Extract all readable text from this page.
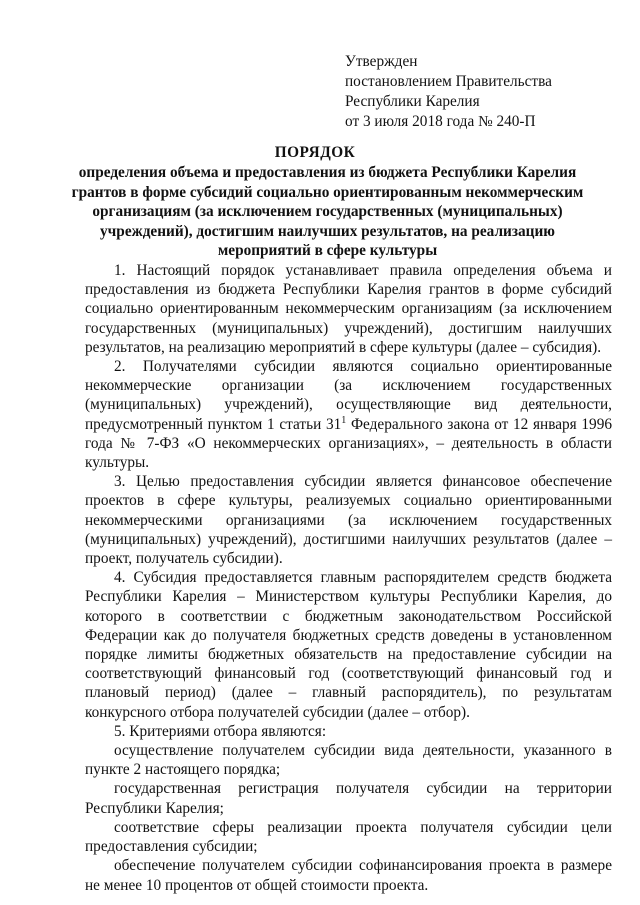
Утвержден
постановлением Правительства
Республики Карелия
от 3 июля 2018 года № 240-П
ПОРЯДОК
определения объема и предоставления из бюджета Республики Карелия грантов в форме субсидий социально ориентированным некоммерческим организациям (за исключением государственных (муниципальных) учреждений), достигшим наилучших результатов, на реализацию мероприятий в сфере культуры

1. Настоящий порядок устанавливает правила определения объема и предоставления из бюджета Республики Карелия грантов в форме субсидий социально ориентированным некоммерческим организациям (за исключением государственных (муниципальных) учреждений), достигшим наилучших результатов, на реализацию мероприятий в сфере культуры (далее – субсидия).

2. Получателями субсидии являются социально ориентированные некоммерческие организации (за исключением государственных (муниципальных) учреждений), осуществляющие вид деятельности, предусмотренный пунктом 1 статьи $31^1$ Федерального закона от 12 января 1996 года № 7-ФЗ «О некоммерческих организациях», – деятельность в области культуры.

3. Целью предоставления субсидии является финансовое обеспечение проектов в сфере культуры, реализуемых социально ориентированными некоммерческими организациями (за исключением государственных (муниципальных) учреждений), достигшими наилучших результатов (далее – проект, получатель субсидии).

4. Субсидия предоставляется главным распорядителем средств бюджета Республики Карелия – Министерством культуры Республики Карелия, до которого в соответствии с бюджетным законодательством Российской Федерации как до получателя бюджетных средств доведены в установленном порядке лимиты бюджетных обязательств на предоставление субсидии на соответствующий финансовый год (соответствующий финансовый год и плановый период) (далее – главный распорядитель), по результатам конкурсного отбора получателей субсидии (далее – отбор).

5. Критериями отбора являются:

осуществление получателем субсидии вида деятельности, указанного в пункте 2 настоящего порядка;

государственная регистрация получателя субсидии на территории Республики Карелия;

соответствие сферы реализации проекта получателя субсидии цели предоставления субсидии;

обеспечение получателем субсидии софинансирования проекта в размере не менее 10 процентов от общей стоимости проекта.
